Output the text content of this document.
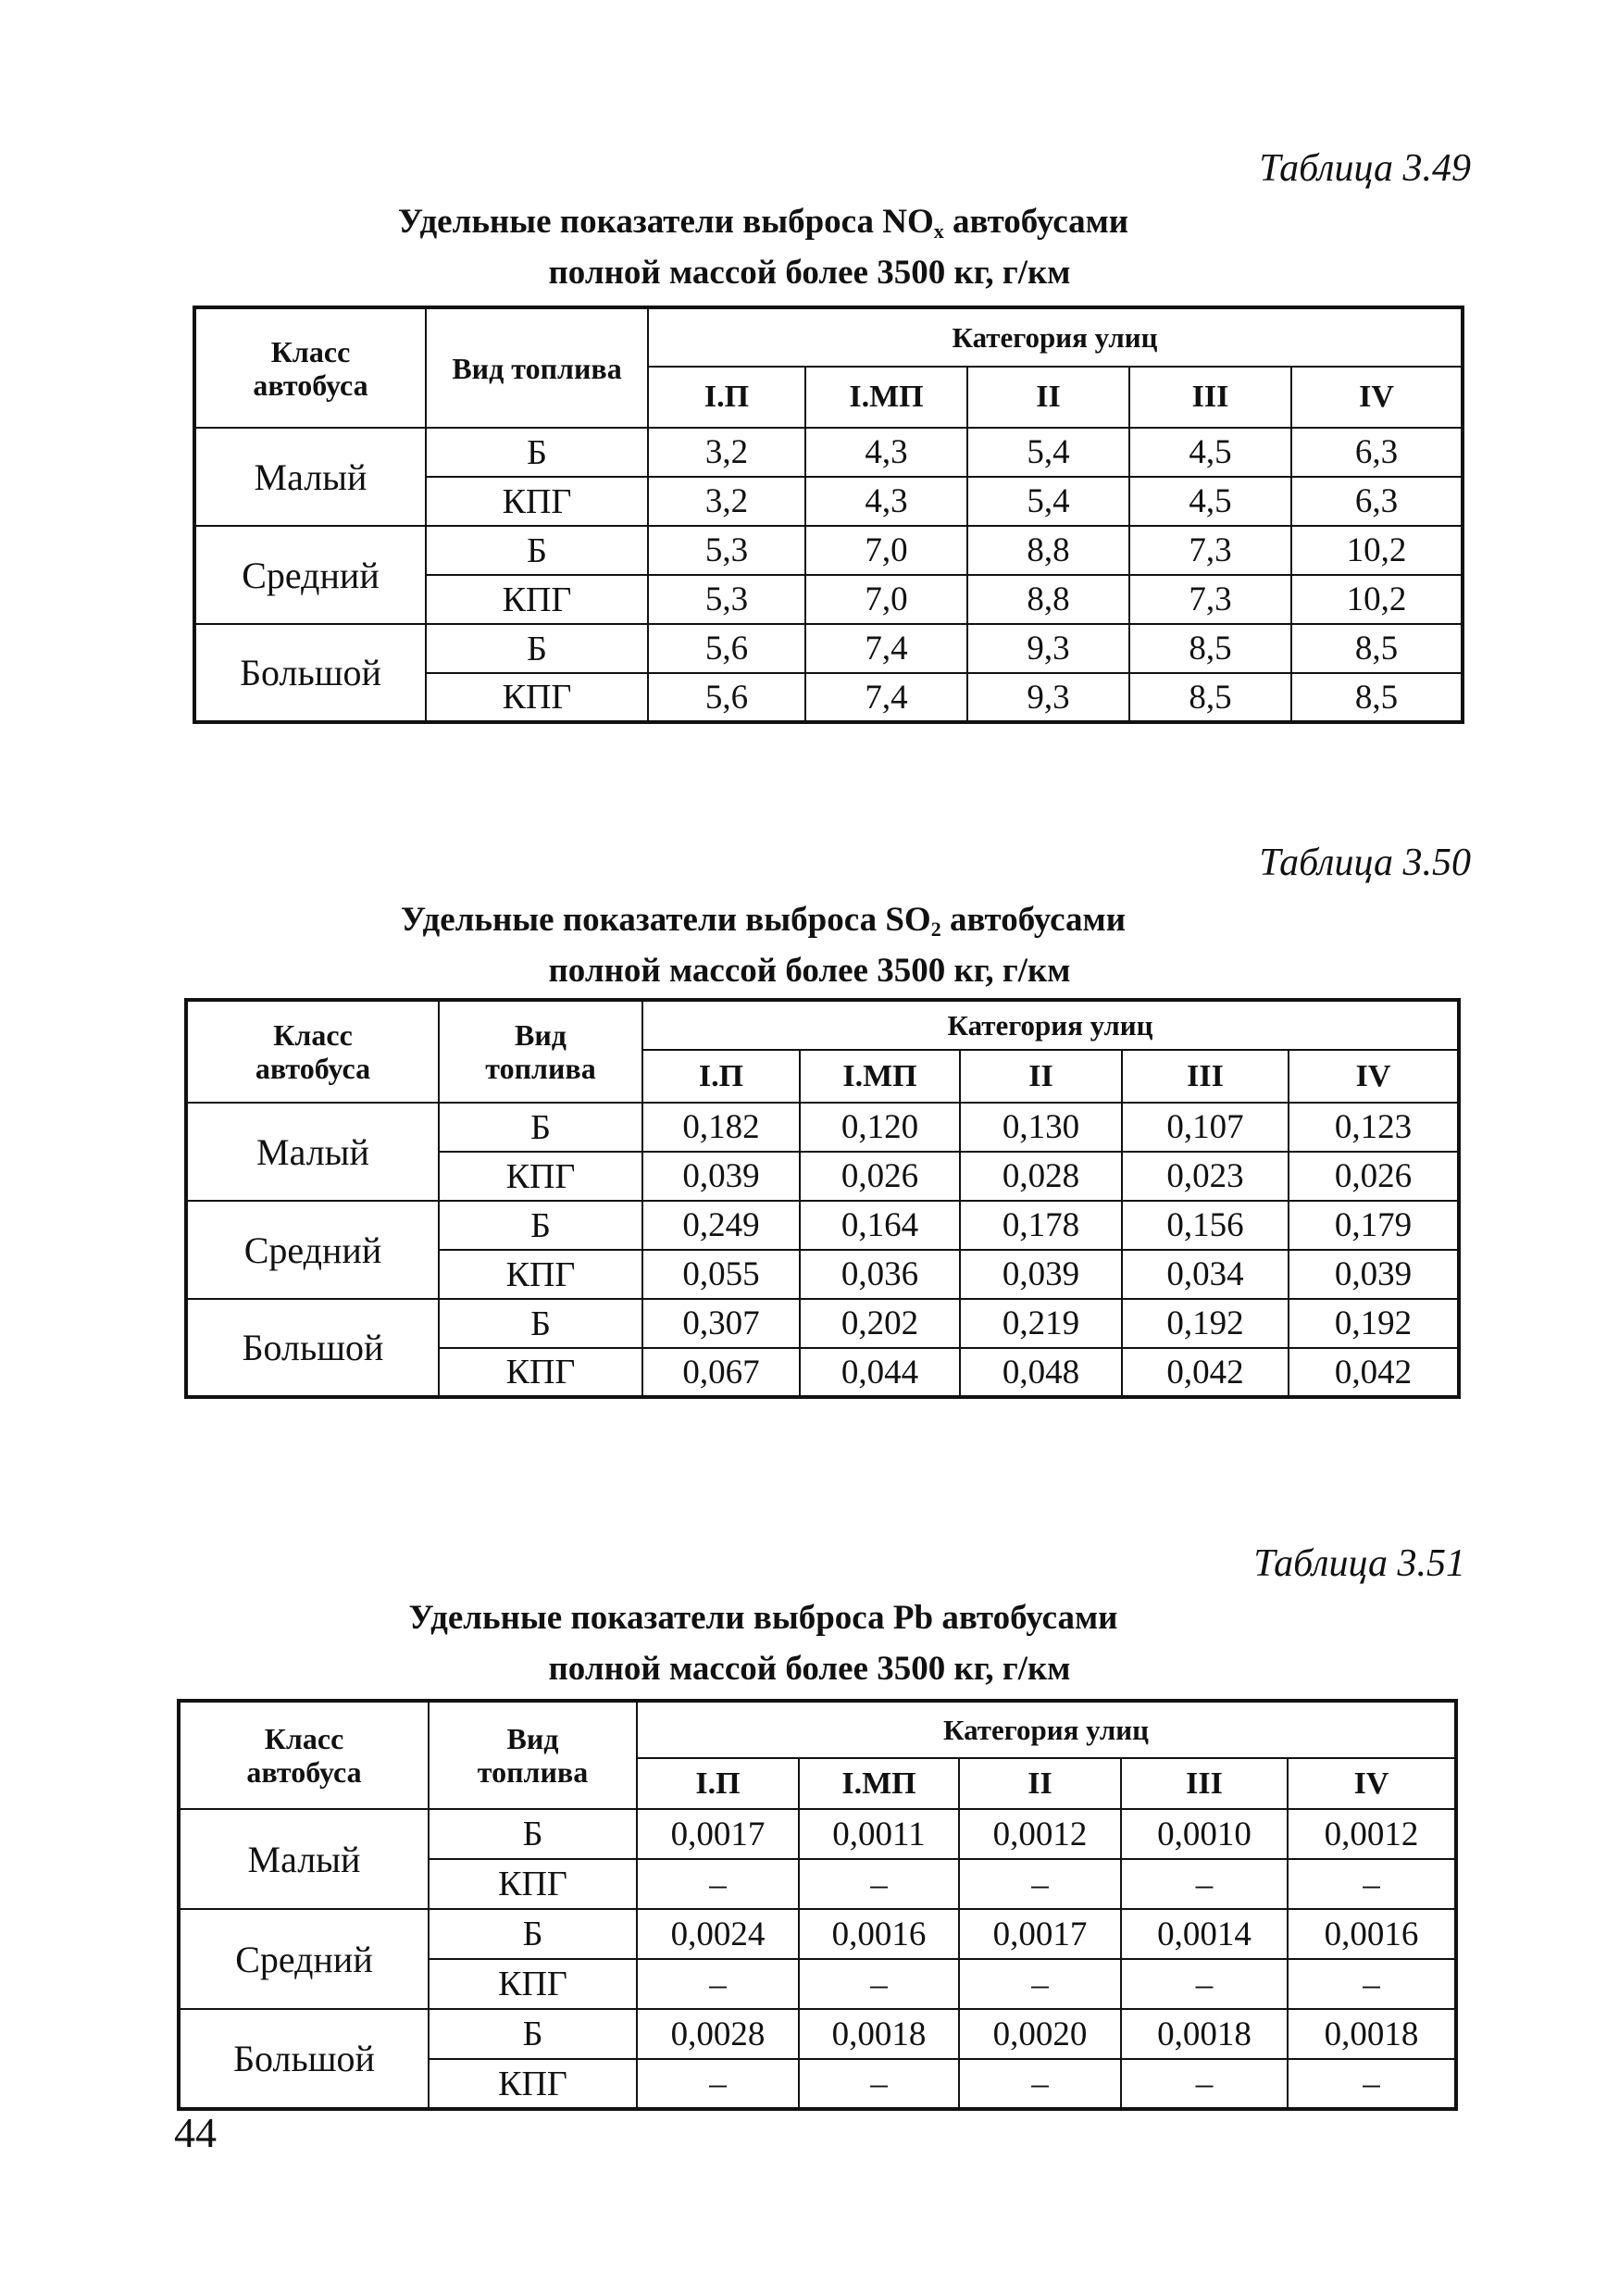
Таблица 3.49
Удельные показатели выброса $NO_x$ автобусами
полной массой более 3500 кг, г/км
Класс
автобуса	Вид топлива	Категория улиц				
		I.П	I.МП	II	III	IV
Малый	Б	3,2	4,3	5,4	4,5	6,3
	КПГ	3,2	4,3	5,4	4,5	6,3
Средний	Б	5,3	7,0	8,8	7,3	10,2
	КПГ	5,3	7,0	8,8	7,3	10,2
Большой	Б	5,6	7,4	9,3	8,5	8,5
	КПГ	5,6	7,4	9,3	8,5	8,5
Таблица 3.50
Удельные показатели выброса $SO_2$ автобусами
полной массой более 3500 кг, г/км
Класс
автобуса	Вид
топлива	Категория улиц				
		I.П	I.МП	II	III	IV
Малый	Б	0,182	0,120	0,130	0,107	0,123
	КПГ	0,039	0,026	0,028	0,023	0,026
Средний	Б	0,249	0,164	0,178	0,156	0,179
	КПГ	0,055	0,036	0,039	0,034	0,039
Большой	Б	0,307	0,202	0,219	0,192	0,192
	КПГ	0,067	0,044	0,048	0,042	0,042
Таблица 3.51
Удельные показатели выброса Pb автобусами
полной массой более 3500 кг, г/км
Класс
автобуса	Вид
топлива	Категория улиц				
		I.П	I.МП	II	III	IV
Малый	Б	0,0017	0,0011	0,0012	0,0010	0,0012
	КПГ	–	–	–	–	–
Средний	Б	0,0024	0,0016	0,0017	0,0014	0,0016
	КПГ	–	–	–	–	–
Большой	Б	0,0028	0,0018	0,0020	0,0018	0,0018
	КПГ	–	–	–	–	–
44
